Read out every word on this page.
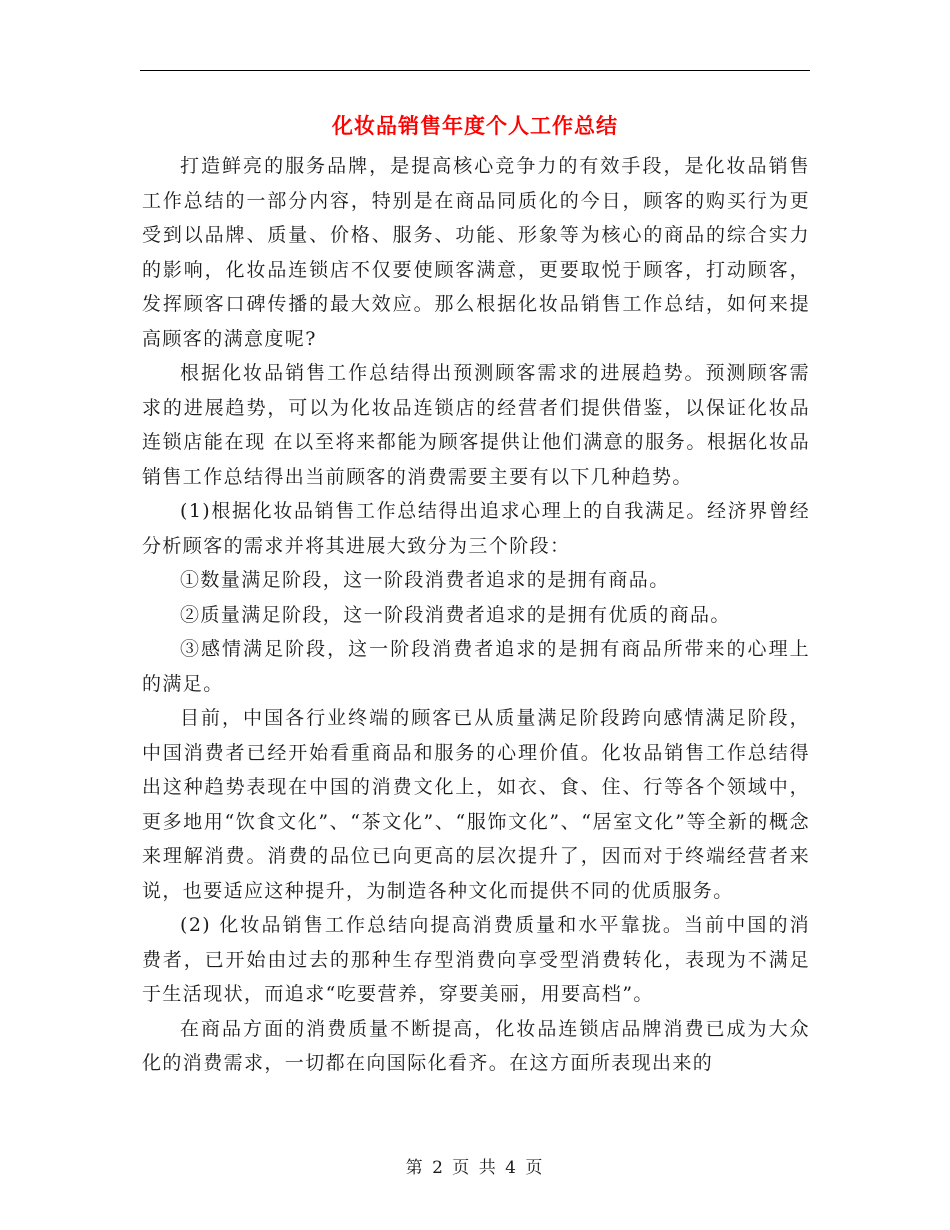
化妆品销售年度个人工作总结

打造鲜亮的服务品牌，是提高核心竞争力的有效手段，是化妆品销售工作总结的一部分内容，特别是在商品同质化的今日，顾客的购买行为更受到以品牌、质量、价格、服务、功能、形象等为核心的商品的综合实力的影响，化妆品连锁店不仅要使顾客满意，更要取悦于顾客，打动顾客，发挥顾客口碑传播的最大效应。那么根据化妆品销售工作总结，如何来提高顾客的满意度呢?

根据化妆品销售工作总结得出预测顾客需求的进展趋势。预测顾客需求的进展趋势，可以为化妆品连锁店的经营者们提供借鉴，以保证化妆品连锁店能在现 在以至将来都能为顾客提供让他们满意的服务。根据化妆品销售工作总结得出当前顾客的消费需要主要有以下几种趋势。

(1)根据化妆品销售工作总结得出追求心理上的自我满足。经济界曾经分析顾客的需求并将其进展大致分为三个阶段：

①数量满足阶段，这一阶段消费者追求的是拥有商品。

②质量满足阶段，这一阶段消费者追求的是拥有优质的商品。

③感情满足阶段，这一阶段消费者追求的是拥有商品所带来的心理上的满足。

目前，中国各行业终端的顾客已从质量满足阶段跨向感情满足阶段，中国消费者已经开始看重商品和服务的心理价值。化妆品销售工作总结得出这种趋势表现在中国的消费文化上，如衣、食、住、行等各个领域中，更多地用“饮食文化”、“茶文化”、“服饰文化”、“居室文化”等全新的概念来理解消费。消费的品位已向更高的层次提升了，因而对于终端经营者来说，也要适应这种提升，为制造各种文化而提供不同的优质服务。

(2) 化妆品销售工作总结向提高消费质量和水平靠拢。当前中国的消费者，已开始由过去的那种生存型消费向享受型消费转化，表现为不满足于生活现状，而追求“吃要营养，穿要美丽，用要高档”。

在商品方面的消费质量不断提高，化妆品连锁店品牌消费已成为大众化的消费需求，一切都在向国际化看齐。在这方面所表现出来的

第 2 页 共 4 页
